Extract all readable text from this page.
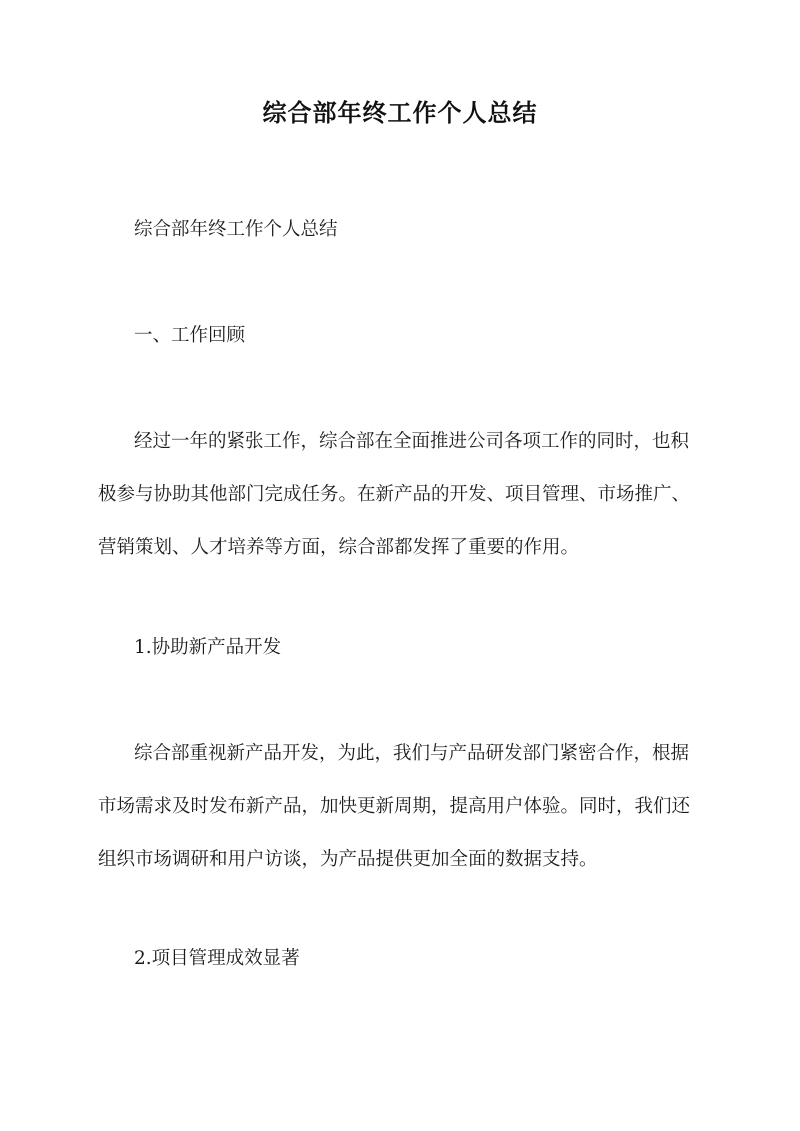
综合部年终工作个人总结

综合部年终工作个人总结

一、工作回顾

经过一年的紧张工作，综合部在全面推进公司各项工作的同时，也积

极参与协助其他部门完成任务。在新产品的开发、项目管理、市场推广、

营销策划、人才培养等方面，综合部都发挥了重要的作用。

1.协助新产品开发

综合部重视新产品开发，为此，我们与产品研发部门紧密合作，根据

市场需求及时发布新产品，加快更新周期，提高用户体验。同时，我们还

组织市场调研和用户访谈，为产品提供更加全面的数据支持。

2.项目管理成效显著
